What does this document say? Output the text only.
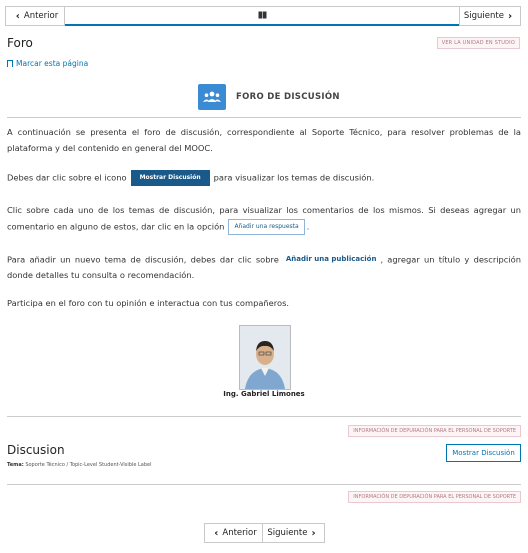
‹ Anterior	Siguiente ›
Foro	VER LA UNIDAD EN STUDIO
Marcar esta página
FORO DE DISCUSIÓN
A continuación se presenta el foro de discusión, correspondiente al Soporte Técnico, para resolver problemas de la plataforma y del contenido en general del MOOC.
Debes dar clic sobre el icono Mostrar Discusión para visualizar los temas de discusión.
Clic sobre cada uno de los temas de discusión, para visualizar los comentarios de los mismos. Si deseas agregar un comentario en alguno de estos, dar clic en la opción Añadir una respuesta .
Para añadir un nuevo tema de discusión, debes dar clic sobre Añadir una publicación , agregar un título y descripción donde detalles tu consulta o recomendación.
Participa en el foro con tu opinión e interactua con tus compañeros.
Ing. Gabriel Limones
INFORMACIÓN DE DEPURACIÓN PARA EL PERSONAL DE SOPORTE
Discusion
Tema: Soporte Técnico / Topic-Level Student-Visible Label
Mostrar Discusión
INFORMACIÓN DE DEPURACIÓN PARA EL PERSONAL DE SOPORTE
‹ Anterior Siguiente ›
